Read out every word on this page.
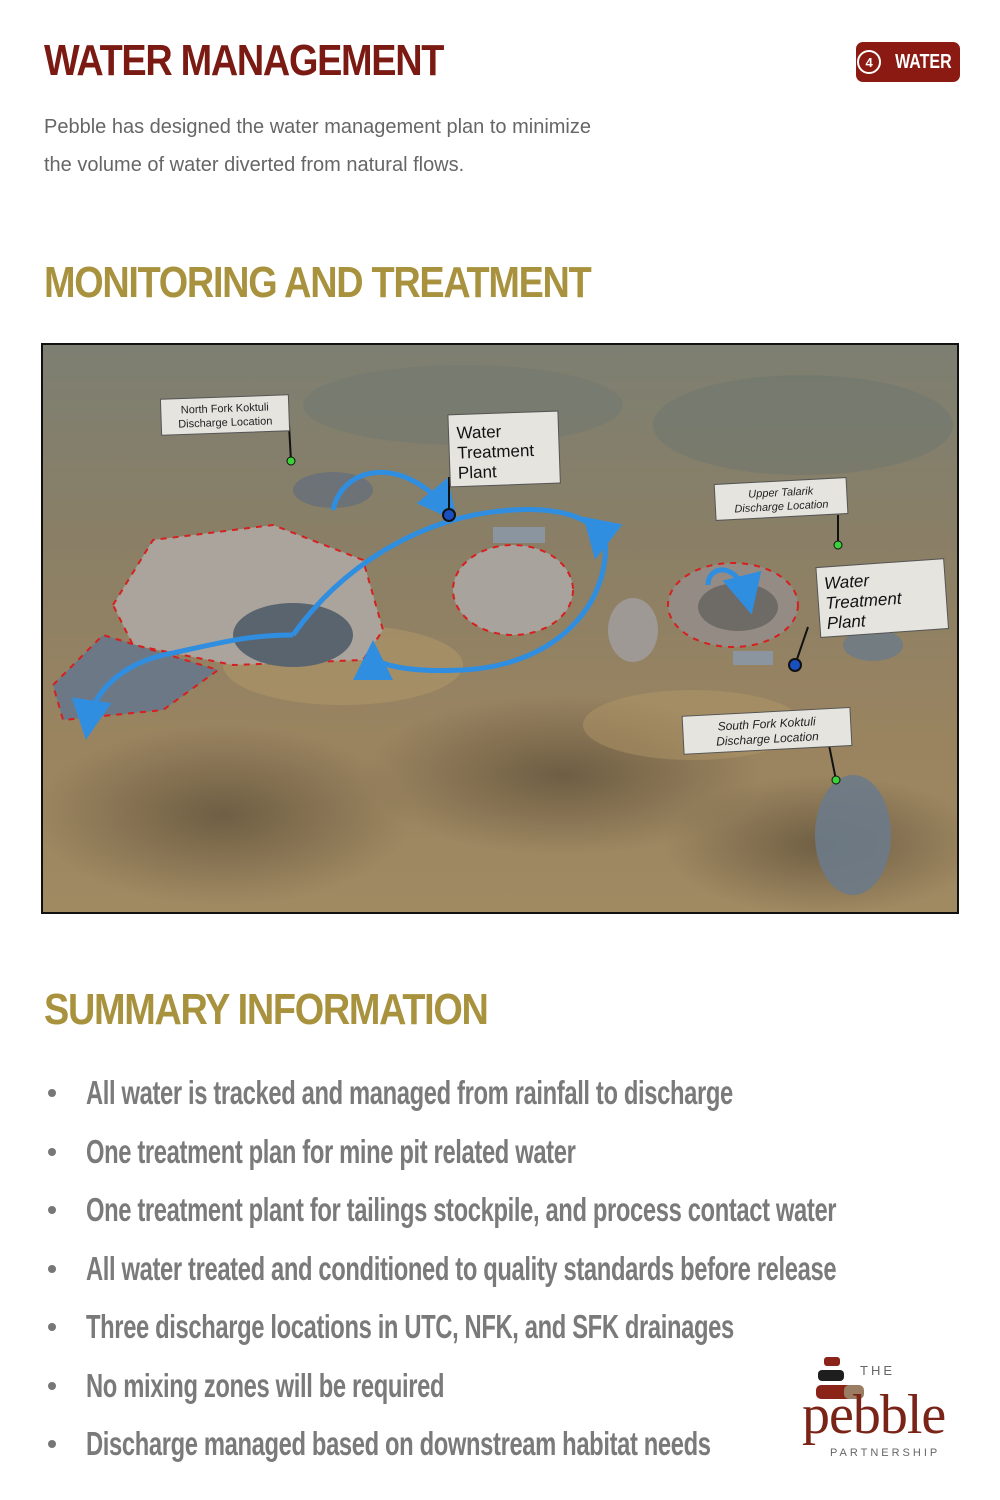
WATER MANAGEMENT	4	WATER

Pebble has designed the water management plan to minimize
the volume of water diverted from natural flows.

MONITORING AND TREATMENT
North Fork Koktuli
Discharge Location	Water
Treatment
Plant
Upper Talarik
Discharge Location
Water
Treatment
Plant
South Fork Koktuli
Discharge Location
SUMMARY INFORMATION
All water is tracked and managed from rainfall to discharge
One treatment plan for mine pit related water
One treatment plant for tailings stockpile, and process contact water
All water treated and conditioned to quality standards before release
Three discharge locations in UTC, NFK, and SFK drainages
No mixing zones will be required
Discharge managed based on downstream habitat needs
THE
pebble
PARTNERSHIP
